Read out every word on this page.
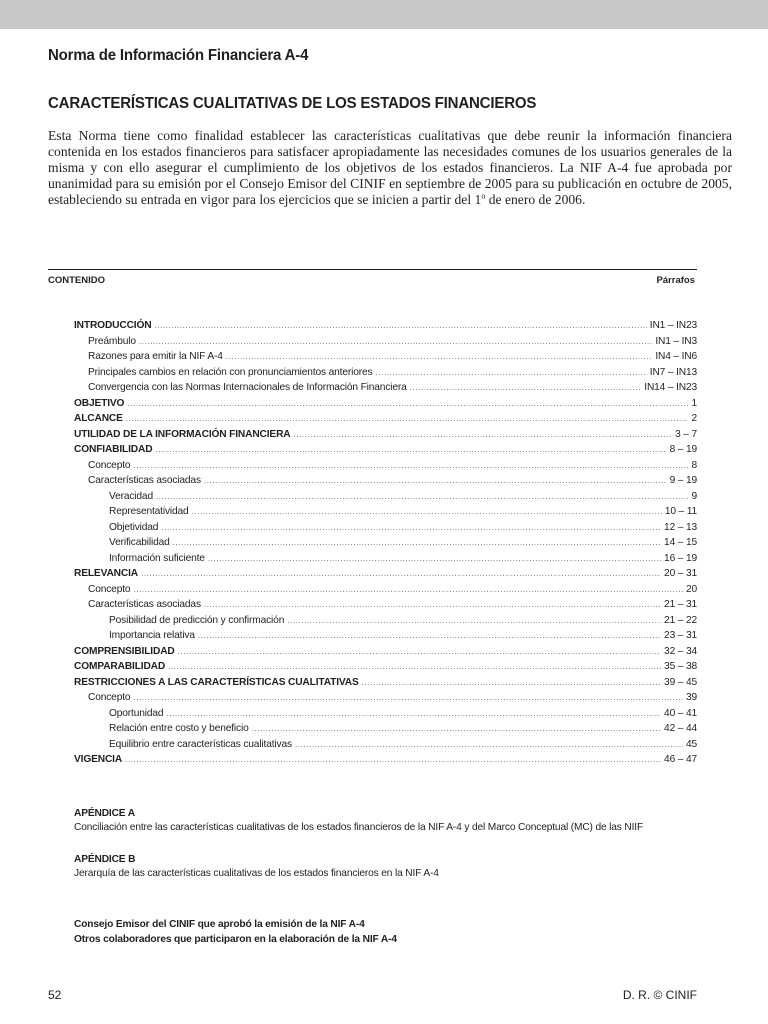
Norma de Información Financiera A-4
CARACTERÍSTICAS CUALITATIVAS DE LOS ESTADOS FINANCIEROS

Esta Norma tiene como finalidad establecer las características cualitativas que debe reunir la información financiera contenida en los estados financieros para satisfacer apropiadamente las necesidades comunes de los usuarios generales de la misma y con ello asegurar el cumplimiento de los objetivos de los estados financieros. La NIF A-4 fue aprobada por unanimidad para su emisión por el Consejo Emisor del CINIF en septiembre de 2005 para su publicación en octubre de 2005, estableciendo su entrada en vigor para los ejercicios que se inicien a partir del 1$^o$ de enero de 2006.

CONTENIDO	Párrafos
INTRODUCCIÓN .....	IN1 – IN23
Preámbulo .....	IN1 – IN3
Razones para emitir la NIF A-4 .....	IN4 – IN6
Principales cambios en relación con pronunciamientos anteriores .....	IN7 – IN13
Convergencia con las Normas Internacionales de Información Financiera .....	IN14 – IN23
OBJETIVO .....	1
ALCANCE .....	2
UTILIDAD DE LA INFORMACIÓN FINANCIERA .....	3 – 7
CONFIABILIDAD .....	8 – 19
Concepto .....	8
Características asociadas .....	9 – 19
Veracidad .....	9
Representatividad .....	10 – 11
Objetividad .....	12 – 13
Verificabilidad .....	14 – 15
Información suficiente .....	16 – 19
RELEVANCIA .....	20 – 31
Concepto .....	20
Características asociadas .....	21 – 31
Posibilidad de predicción y confirmación .....	21 – 22
Importancia relativa .....	23 – 31
COMPRENSIBILIDAD .....	32 – 34
COMPARABILIDAD .....	35 – 38
RESTRICCIONES A LAS CARACTERÍSTICAS CUALITATIVAS .....	39 – 45
Concepto .....	39
Oportunidad .....	40 – 41
Relación entre costo y beneficio .....	42 – 44
Equilibrio entre características cualitativas .....	45
VIGENCIA .....	46 – 47
APÉNDICE A
Conciliación entre las características cualitativas de los estados financieros de la NIF A-4 y del Marco Conceptual (MC) de las NIIF
APÉNDICE B
Jerarquía de las características cualitativas de los estados financieros en la NIF A-4
Consejo Emisor del CINIF que aprobó la emisión de la NIF A-4
Otros colaboradores que participaron en la elaboración de la NIF A-4
52	D. R. © CINIF
